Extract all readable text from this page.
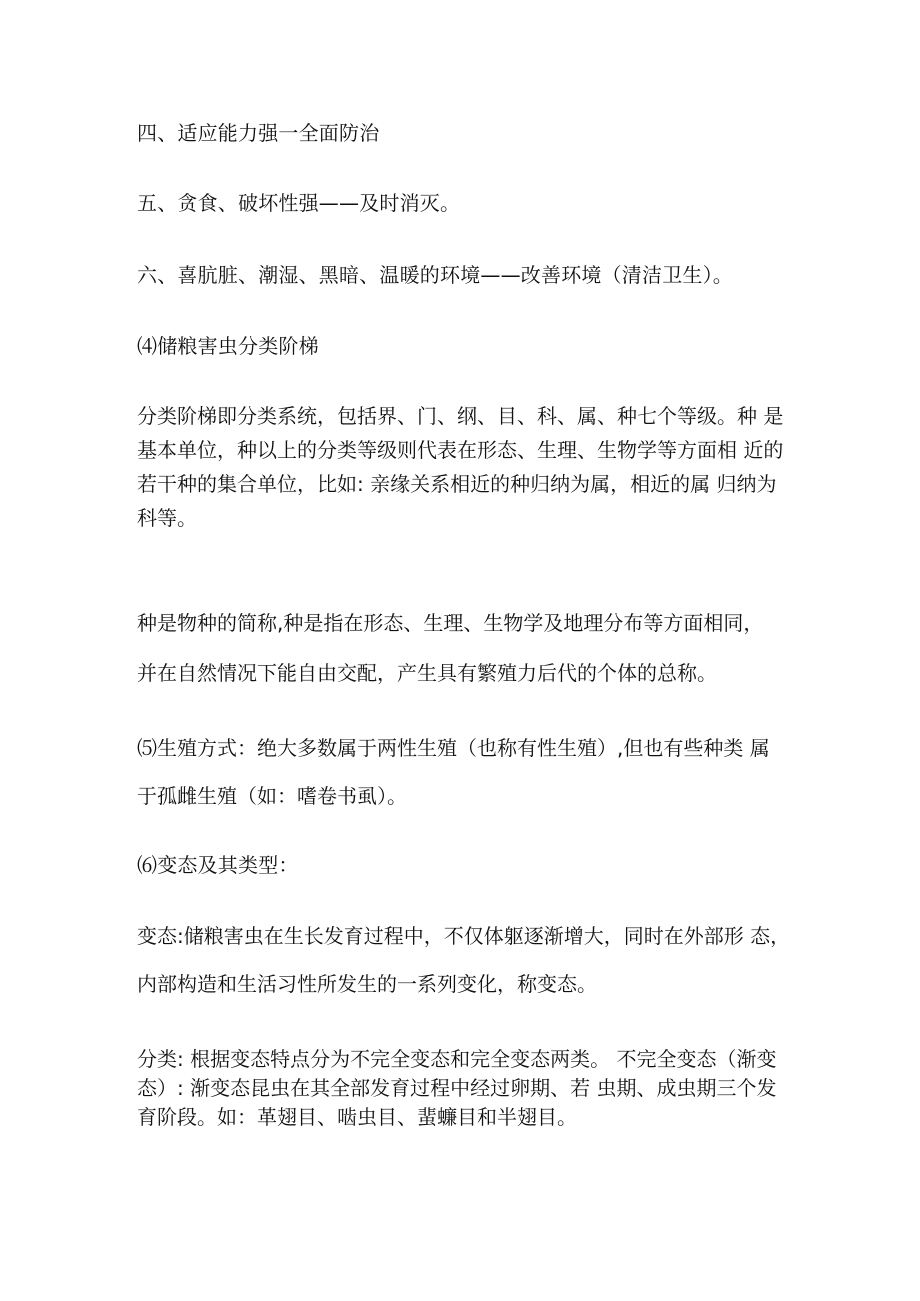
四、适应能力强一全面防治
五、贪食、破坏性强——及时消灭。
六、喜肮脏、潮湿、黑暗、温暖的环境——改善环境（清洁卫生）。
⑷储粮害虫分类阶梯
分类阶梯即分类系统，包括界、门、纲、目、科、属、种七个等级。种 是
基本单位，种以上的分类等级则代表在形态、生理、生物学等方面相 近的
若干种的集合单位，比如: 亲缘关系相近的种归纳为属，相近的属 归纳为
科等。
种是物种的简称,种是指在形态、生理、生物学及地理分布等方面相同，
并在自然情况下能自由交配，产生具有繁殖力后代的个体的总称。
⑸生殖方式：绝大多数属于两性生殖（也称有性生殖）,但也有些种类 属
于孤雌生殖（如：嗜卷书虱）。
⑹变态及其类型：
变态:储粮害虫在生长发育过程中，不仅体躯逐渐增大，同时在外部形 态，
内部构造和生活习性所发生的一系列变化，称变态。
分类: 根据变态特点分为不完全变态和完全变态两类。 不完全变态（渐变
态）: 渐变态昆虫在其全部发育过程中经过卵期、若 虫期、成虫期三个发
育阶段。如：革翅目、啮虫目、蜚蠊目和半翅目。
